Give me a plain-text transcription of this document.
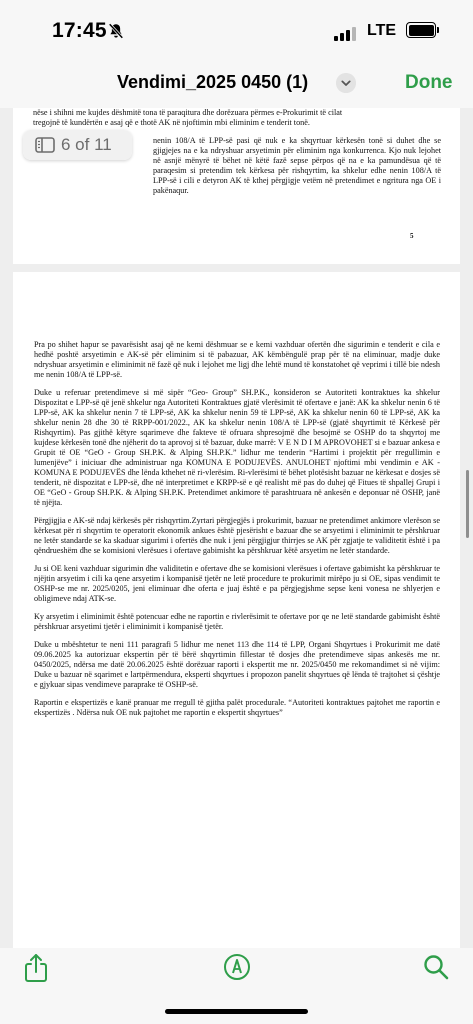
17:45	LTE
Vendimi_2025 0450 (1)	Done
nëse i shihni me kujdes dëshmitë tona të paraqitura dhe dorëzuara përmes e-Prokurimit të cilat
tregojnë të kundërtën e asaj që e thotë AK në njoftimin mbi eliminim e tenderit tonë.
nenin 108/A të LPP-së pasi që nuk e ka shqyrtuar kërkesën tonë si duhet dhe se gjigjejes na e ka ndryshuar arsyetimin për eliminim nga konkurrenca. Kjo nuk lejohet në asnjë mënyrë të bëhet në këtë fazë sepse përpos që na e ka pamundësua që të paraqesim si pretendim tek kërkesa për rishqyrtim, ka shkelur edhe nenin 108/A të LPP-së i cili e detyron AK të kthej përgjigje vetëm në pretendimet e ngritura nga OE i pakënaqur.
5

Pra po shihet hapur se pavarësisht asaj që ne kemi dëshmuar se e kemi vazhduar ofertën dhe sigurimin e tenderit e cila e hedhë poshtë arsyetimin e AK-së për eliminim si të pabazuar, AK këmbëngulë prap për të na eliminuar, madje duke ndryshuar arsyetimin e eliminimit në fazë që nuk i lejohet me ligj dhe lehtë mund të konstatohet që veprimi i tillë bie ndesh me nenin 108/A të LPP-së.

Duke u referuar pretendimeve si më sipër “Geo- Group” SH.P.K., konsideron se Autoriteti kontraktues ka shkelur Dispozitat e LPP-së që jenë shkelur nga Autoriteti Kontraktues gjatë vlerësimit të ofertave e janë: AK ka shkelur nenin 6 të LPP-së, AK ka shkelur nenin 7 të LPP-së, AK ka shkelur nenin 59 të LPP-së, AK ka shkelur nenin 60 të LPP-së, AK ka shkelur nenin 28 dhe 30 të RRPP-001/2022., AK ka shkelur nenin 108/A të LPP-së (gjatë shqyrtimit të Kërkesë për Rishqyrtim). Pas gjithë këtyre sqarimeve dhe fakteve të ofruara shpresojmë dhe besojmë se OSHP do ta shqyrtoj me kujdese kërkesën tonë dhe njëherit do ta aprovoj si të bazuar, duke marrë: V E N D I M APROVOHET si e bazuar ankesa e Grupit të OE “GeO - Group SH.P.K. & Alping SH.P.K.” lidhur me tenderin “Hartimi i projektit për rregullimin e lumenjëve” i iniciuar dhe administruar nga KOMUNA E PODUJEVËS. ANULOHET njoftimi mbi vendimin e AK - KOMUNA E PODUJEVËS dhe lënda kthehet në ri-vlerësim. Ri-vlerësimi të bëhet plotësisht bazuar ne kërkesat e dosjes së tenderit, në dispozitat e LPP-së, dhe në interpretimet e KRPP-së e që realisht më pas do duhej që Fitues të shpallej Grupi i OE “GeO - Group SH.P.K. & Alping SH.P.K. Pretendimet ankimore të parashtruara në ankesën e deponuar në OSHP, janë të njëjta.

Përgjigjia e AK-së ndaj kërkesës për rishqyrtim.Zyrtari përgjegjës i prokurimit, bazuar ne pretendimet ankimore vlerëson se kërkesat për ri shqyrtim te operatorit ekonomik ankues është pjesërisht e bazuar dhe se arsyetimi i eliminimit te përshkruar ne letër standarde se ka skaduar sigurimi i ofertës dhe nuk i jeni përgjigjur thirrjes se AK për zgjatje te validitetit është i pa qëndrueshëm dhe se komisioni vlerësues i ofertave gabimisht ka përshkruar këtë arsyetim ne letër standarde.

Ju si OE keni vazhduar sigurimin dhe validitetin e ofertave dhe se komisioni vlerësues i ofertave gabimisht ka përshkruar te njëjtin arsyetim i cili ka qene arsyetim i kompanisë tjetër ne letë procedure te prokurimit mirëpo ju si OE, sipas vendimit te OSHP-se me nr. 2025/0205, jeni eliminuar dhe oferta e juaj është e pa përgjegjshme sepse keni vonesa ne shlyerjen e obligimeve ndaj ATK-se.

Ky arsyetim i eliminimit është potencuar edhe ne raportin e rivlerësimit te ofertave por qe ne letë standarde gabimisht është përshkruar arsyetimi tjetër i eliminimit i kompanisë tjetër.

Duke u mbështetur te neni 111 paragrafi 5 lidhur me nenet 113 dhe 114 të LPP, Organi Shqyrtues i Prokurimit me datë 09.06.2025 ka autorizuar ekspertin për të bërë shqyrtimin fillestar të dosjes dhe pretendimeve sipas ankesës me nr. 0450/2025, ndërsa me datë 20.06.2025 është dorëzuar raporti i ekspertit me nr. 2025/0450 me rekomandimet si në vijim: Duke u bazuar në sqarimet e lartpërmendura, eksperti shqyrtues i propozon panelit shqyrtues që lënda të trajtohet si çështje e gjykuar sipas vendimeve paraprake të OSHP-së.

Raportin e ekspertizës e kanë pranuar me rregull të gjitha palët procedurale. “Autoriteti kontraktues pajtohet me raportin e ekspertizës . Ndërsa nuk OE nuk pajtohet me raportin e ekspertit shqyrtues”

6 of 11
